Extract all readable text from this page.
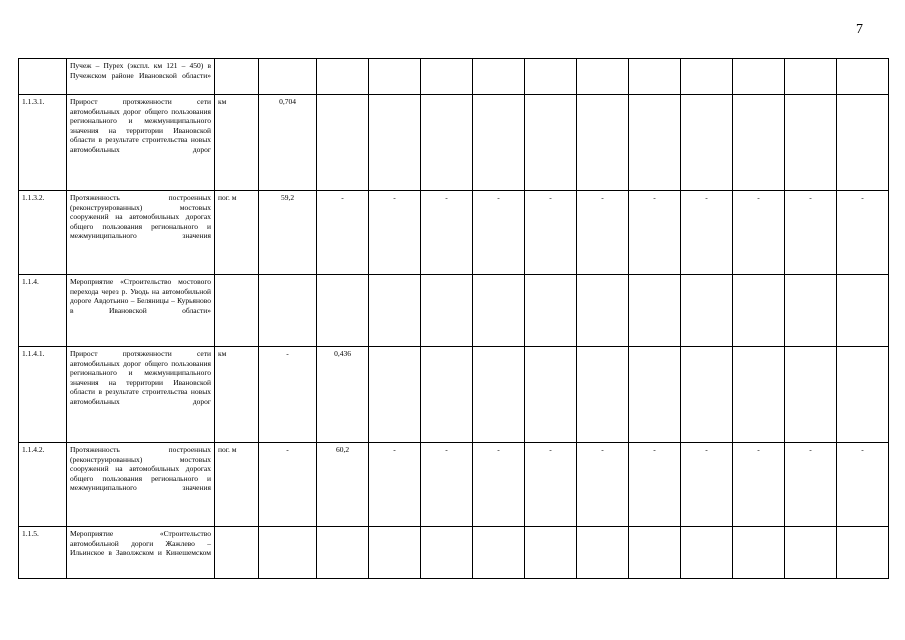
7
	Пучеж – Пурех (экспл. км 121 – 450) в Пучежском районе Ивановской области»													
1.1.3.1.	Прирост протяженности сети автомобильных дорог общего пользования регионального и межмуниципального значения на территории Ивановской области в результате строительства новых автомобильных дорог	км	0,704											
1.1.3.2.	Протяженность построенных (реконструированных) мостовых сооружений на автомобильных дорогах общего пользования регионального и межмуниципального значения	пог. м	59,2	-	-	-	-	-	-	-	-	-	-	-
1.1.4.	Мероприятие «Строительство мостового перехода через р. Уводь на автомобильной дороге Авдотьино – Беляницы – Курьяново в Ивановской области»													
1.1.4.1.	Прирост протяженности сети автомобильных дорог общего пользования регионального и межмуниципального значения на территории Ивановской области в результате строительства новых автомобильных дорог	км	-	0,436										
1.1.4.2.	Протяженность построенных (реконструированных) мостовых сооружений на автомобильных дорогах общего пользования регионального и межмуниципального значения	пог. м	-	60,2	-	-	-	-	-	-	-	-	-	-
1.1.5.	Мероприятие «Строительство автомобильной дороги Жажлево – Ильинское в Заволжском и Кинешемском													
